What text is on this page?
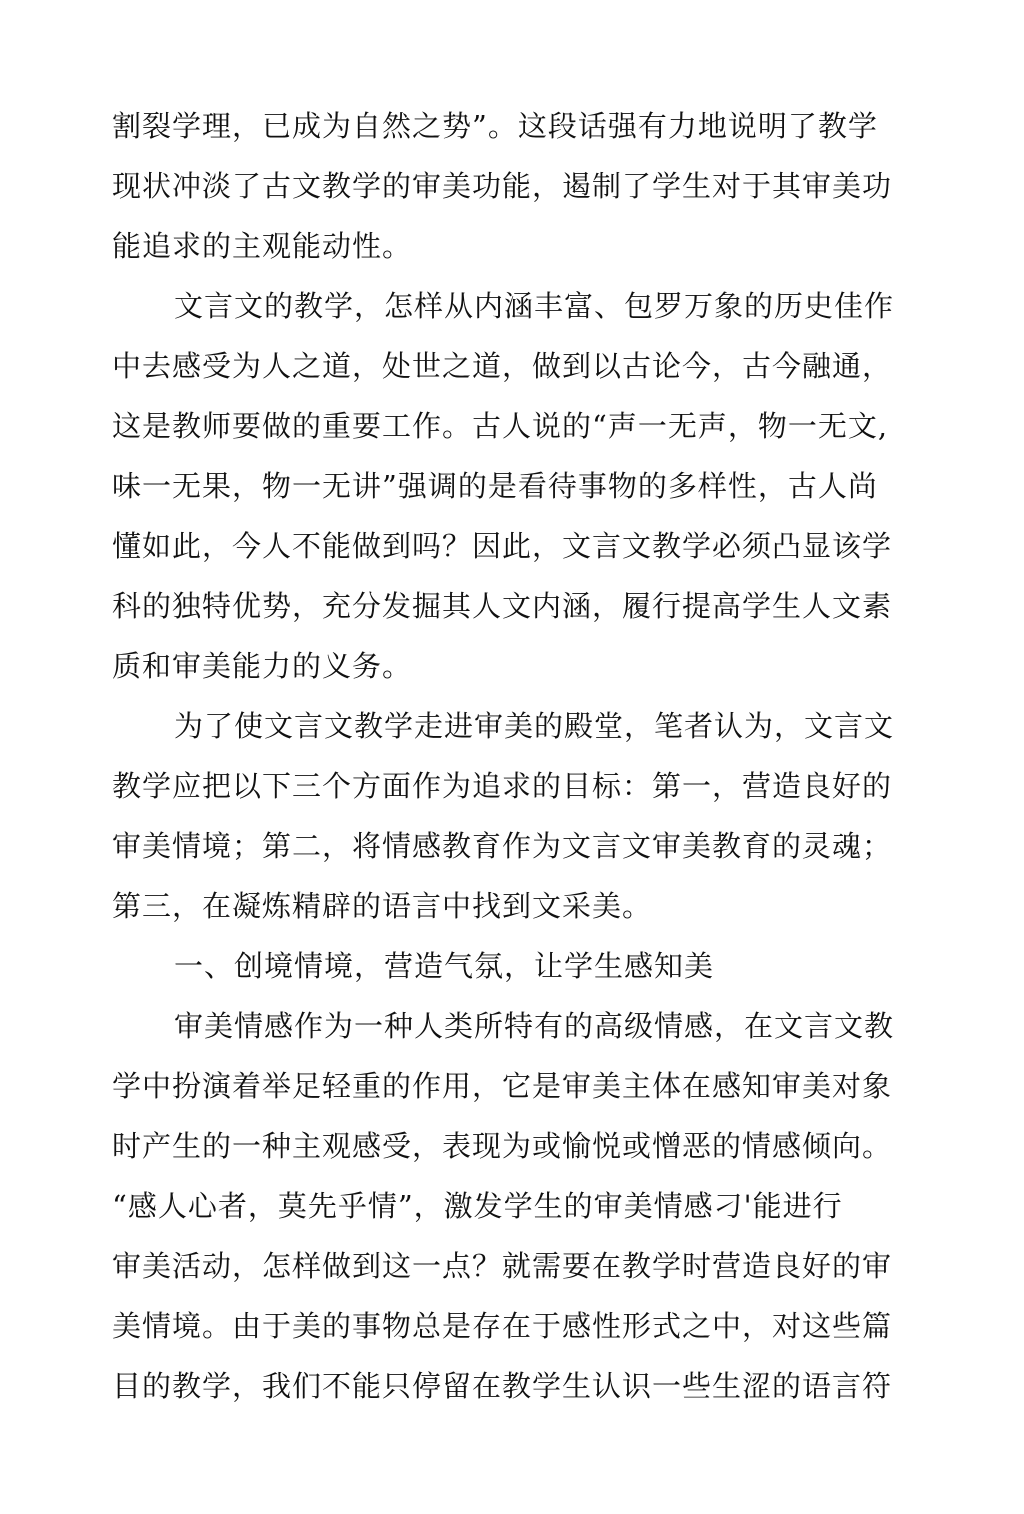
割裂学理，已成为自然之势”。这段话强有力地说明了教学
现状冲淡了古文教学的审美功能，遏制了学生对于其审美功
能追求的主观能动性。
文言文的教学，怎样从内涵丰富、包罗万象的历史佳作
中去感受为人之道，处世之道，做到以古论今，古今融通，
这是教师要做的重要工作。古人说的“声一无声，物一无文,
味一无果，物一无讲”强调的是看待事物的多样性，古人尚
懂如此，今人不能做到吗？因此，文言文教学必须凸显该学
科的独特优势，充分发掘其人文内涵，履行提高学生人文素
质和审美能力的义务。
为了使文言文教学走进审美的殿堂，笔者认为，文言文
教学应把以下三个方面作为追求的目标：第一，营造良好的
审美情境；第二，将情感教育作为文言文审美教育的灵魂；
第三，在凝炼精辟的语言中找到文采美。
一、创境情境，营造气氛，让学生感知美
审美情感作为一种人类所特有的高级情感，在文言文教
学中扮演着举足轻重的作用，它是审美主体在感知审美对象
时产生的一种主观感受，表现为或愉悦或憎恶的情感倾向。
“感人心者，莫先乎情”，激发学生的审美情感刁'能进行
审美活动，怎样做到这一点？就需要在教学时营造良好的审
美情境。由于美的事物总是存在于感性形式之中，对这些篇
目的教学，我们不能只停留在教学生认识一些生涩的语言符
